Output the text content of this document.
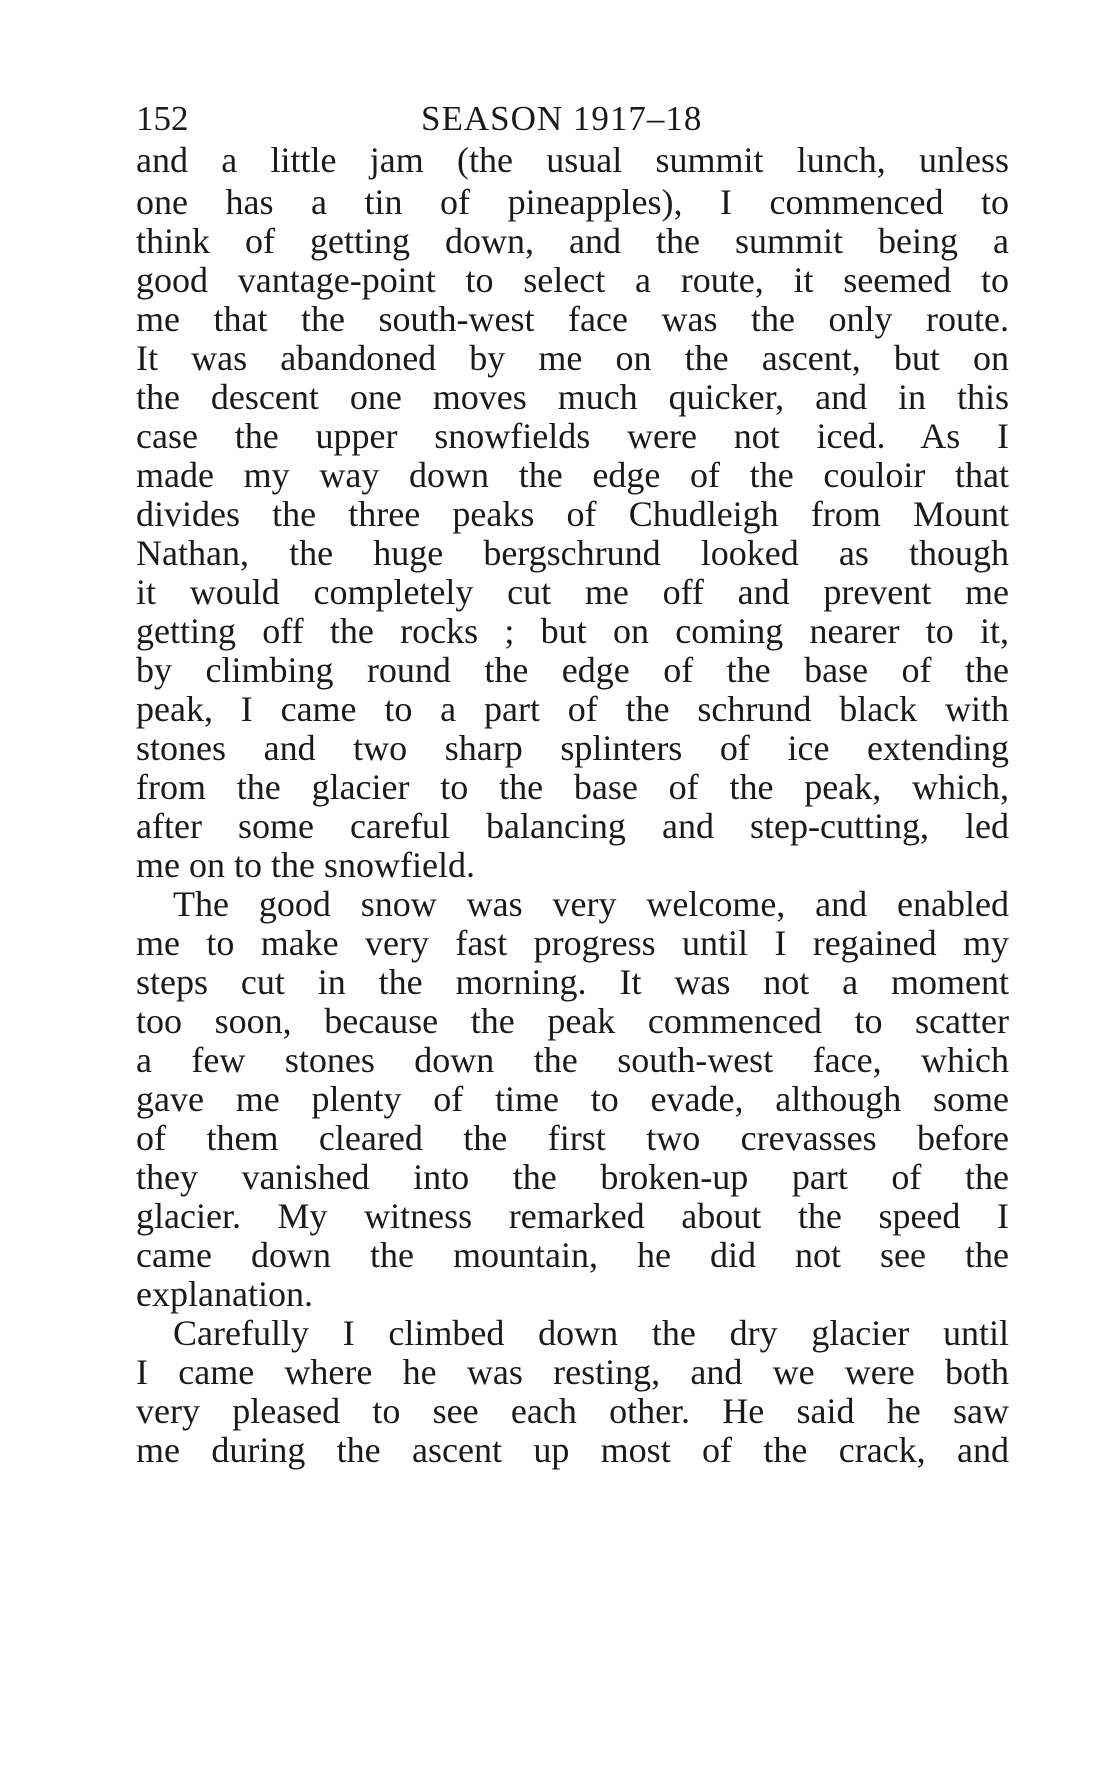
152	SEASON 1917–18
and a little jam (the usual summit lunch, unless
one has a tin of pineapples), I commenced to
think of getting down, and the summit being a
good vantage-point to select a route, it seemed to
me that the south-west face was the only route.
It was abandoned by me on the ascent, but on
the descent one moves much quicker, and in this
case the upper snowfields were not iced. As I
made my way down the edge of the couloir that
divides the three peaks of Chudleigh from Mount
Nathan, the huge bergschrund looked as though
it would completely cut me off and prevent me
getting off the rocks ; but on coming nearer to it,
by climbing round the edge of the base of the
peak, I came to a part of the schrund black with
stones and two sharp splinters of ice extending
from the glacier to the base of the peak, which,
after some careful balancing and step-cutting, led
me on to the snowfield.
The good snow was very welcome, and enabled
me to make very fast progress until I regained my
steps cut in the morning. It was not a moment
too soon, because the peak commenced to scatter
a few stones down the south-west face, which
gave me plenty of time to evade, although some
of them cleared the first two crevasses before
they vanished into the broken-up part of the
glacier. My witness remarked about the speed I
came down the mountain, he did not see the
explanation.
Carefully I climbed down the dry glacier until
I came where he was resting, and we were both
very pleased to see each other. He said he saw
me during the ascent up most of the crack, and
